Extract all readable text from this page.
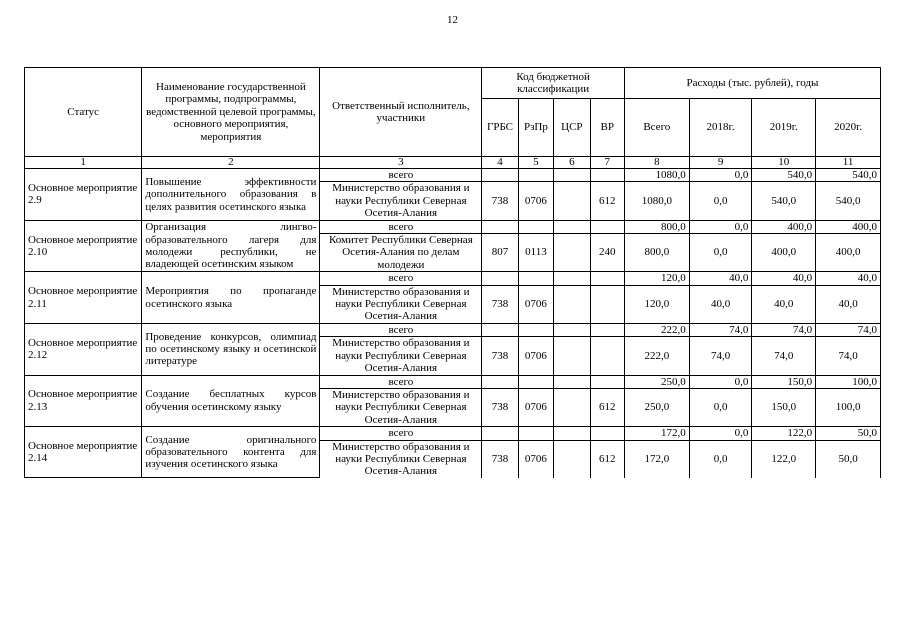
12
Статус	Наименование государственной программы, подпрограммы, ведомственной целевой программы, основного мероприятия, мероприятия	Ответственный исполнитель, участники	Код бюджетной классификации				Расходы (тыс. рублей), годы			
			ГРБС	РзПр	ЦСР	ВР	Всего	2018г.	2019г.	2020г.
1	2	3	4	5	6	7	8	9	10	11
Основное мероприятие 2.9	Повышение эффективности дополнительного образования в целях развития осетинского языка	всего					1080,0	0,0	540,0	540,0
		Министерство образования и науки Республики Северная Осетия-Алания	738	0706		612	1080,0	0,0	540,0	540,0
Основное мероприятие 2.10	Организация лингво-образовательного лагеря для молодежи республики, не владеющей осетинским языком	всего					800,0	0,0	400,0	400,0
		Комитет Республики Северная Осетия-Алания по делам молодежи	807	0113		240	800,0	0,0	400,0	400,0
Основное мероприятие 2.11	Мероприятия по пропаганде осетинского языка	всего					120,0	40,0	40,0	40,0
		Министерство образования и науки Республики Северная Осетия-Алания	738	0706			120,0	40,0	40,0	40,0
Основное мероприятие 2.12	Проведение конкурсов, олимпиад по осетинскому языку и осетинской литературе	всего					222,0	74,0	74,0	74,0
		Министерство образования и науки Республики Северная Осетия-Алания	738	0706			222,0	74,0	74,0	74,0
Основное мероприятие 2.13	Создание бесплатных курсов обучения осетинскому языку	всего					250,0	0,0	150,0	100,0
		Министерство образования и науки Республики Северная Осетия-Алания	738	0706		612	250,0	0,0	150,0	100,0
Основное мероприятие 2.14	Создание оригинального образовательного контента для изучения осетинского языка	всего					172,0	0,0	122,0	50,0
		Министерство образования и науки Республики Северная Осетия-Алания	738	0706		612	172,0	0,0	122,0	50,0
